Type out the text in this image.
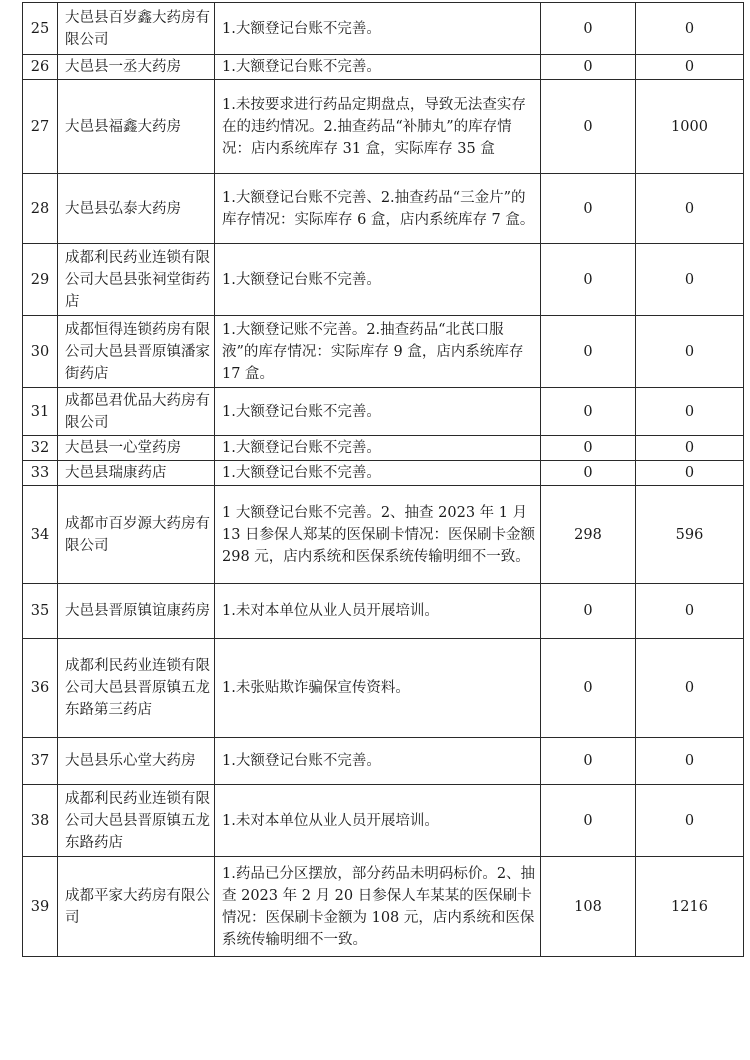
25	大邑县百岁鑫大药房有限公司	1.大额登记台账不完善。	0	0
26	大邑县一丞大药房	1.大额登记台账不完善。	0	0
27	大邑县福鑫大药房	1.未按要求进行药品定期盘点，导致无法查实存在的违约情况。2.抽查药品“补肺丸”的库存情况：店内系统库存 31 盒，实际库存 35 盒	0	1000
28	大邑县弘泰大药房	1.大额登记台账不完善、2.抽查药品“三金片”的库存情况：实际库存 6 盒，店内系统库存 7 盒。	0	0
29	成都利民药业连锁有限公司大邑县张祠堂街药店	1.大额登记台账不完善。	0	0
30	成都恒得连锁药房有限公司大邑县晋原镇潘家街药店	1.大额登记账不完善。2.抽查药品“北芪口服液”的库存情况：实际库存 9 盒，店内系统库存 17 盒。	0	0
31	成都邑君优品大药房有限公司	1.大额登记台账不完善。	0	0
32	大邑县一心堂药房	1.大额登记台账不完善。	0	0
33	大邑县瑞康药店	1.大额登记台账不完善。	0	0
34	成都市百岁源大药房有限公司	1 大额登记台账不完善。2、抽查 2023 年 1 月 13 日参保人郑某的医保刷卡情况：医保刷卡金额 298 元，店内系统和医保系统传输明细不一致。	298	596
35	大邑县晋原镇谊康药房	1.未对本单位从业人员开展培训。	0	0
36	成都利民药业连锁有限公司大邑县晋原镇五龙东路第三药店	1.未张贴欺诈骗保宣传资料。	0	0
37	大邑县乐心堂大药房	1.大额登记台账不完善。	0	0
38	成都利民药业连锁有限公司大邑县晋原镇五龙东路药店	1.未对本单位从业人员开展培训。	0	0
39	成都平家大药房有限公司	1.药品已分区摆放，部分药品未明码标价。2、抽查 2023 年 2 月 20 日参保人车某某的医保刷卡情况：医保刷卡金额为 108 元，店内系统和医保系统传输明细不一致。	108	1216
